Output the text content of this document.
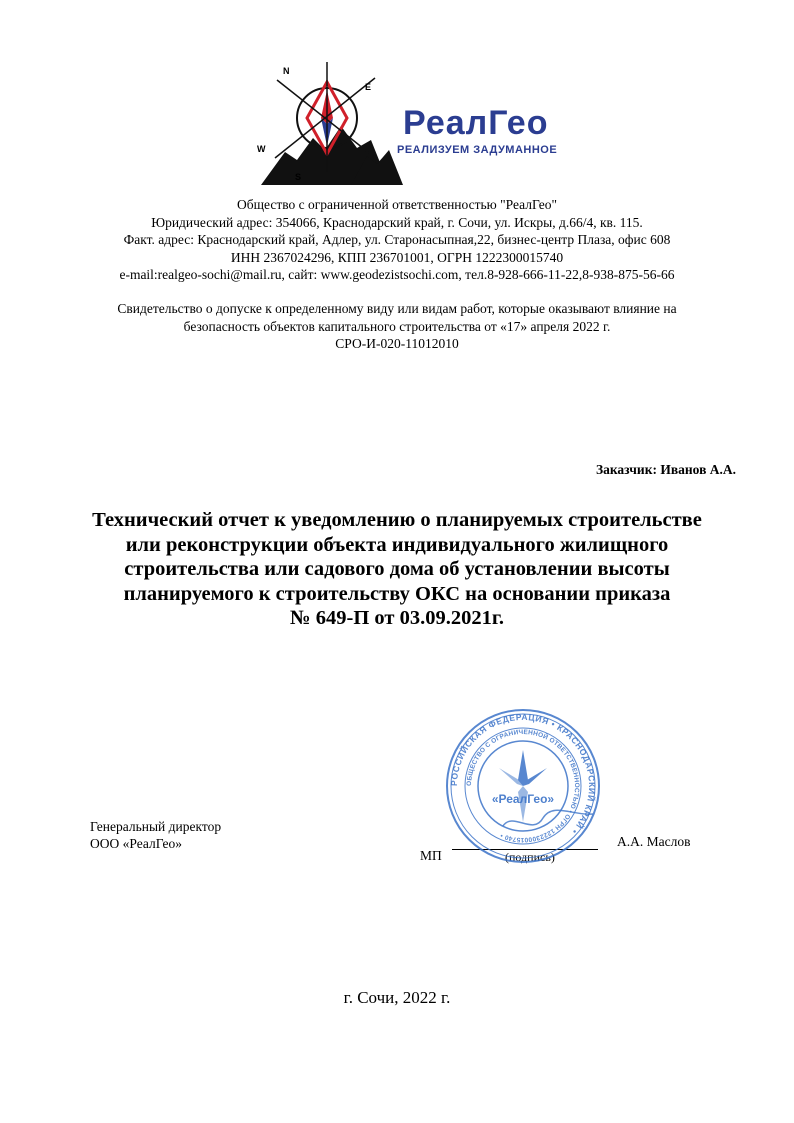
N
E
W
S
РеалГео
РЕАЛИЗУЕМ ЗАДУМАННОЕ
Общество с ограниченной ответственностью "РеалГео"
Юридический адрес: 354066, Краснодарский край, г. Сочи, ул. Искры, д.66/4, кв. 115.
Факт. адрес: Краснодарский край, Адлер, ул. Старонасыпная,22, бизнес-центр Плаза, офис 608
ИНН 2367024296, КПП 236701001, ОГРН 1222300015740
e-mail:realgeo-sochi@mail.ru, сайт: www.geodezistsochi.com, тел.8-928-666-11-22,8-938-875-56-66
Свидетельство о допуске к определенному виду или видам работ, которые оказывают влияние на
безопасность объектов капитального строительства от «17» апреля 2022 г.
СРО-И-020-11012010
Заказчик: Иванов А.А.
Технический отчет к уведомлению о планируемых строительстве
или реконструкции объекта индивидуального жилищного
строительства или садового дома об установлении высоты
планируемого к строительству ОКС на основании приказа
№ 649-П от 03.09.2021г.
Генеральный директор
ООО «РеалГео»
МП	(подпись)
А.А. Маслов
РОССИЙСКАЯ ФЕДЕРАЦИЯ • КРАСНОДАРСКИЙ КРАЙ •
ОБЩЕСТВО С ОГРАНИЧЕННОЙ ОТВЕТСТВЕННОСТЬЮ • ОГРН 1222300015740 •
«РеалГео»
г. Сочи, 2022 г.
